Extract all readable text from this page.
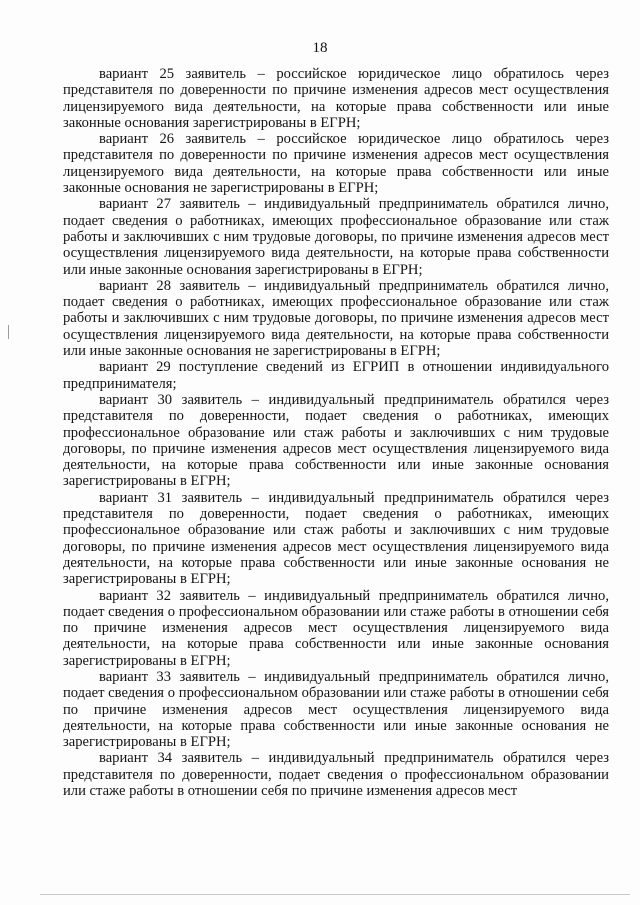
18

вариант 25 заявитель – российское юридическое лицо обратилось через представителя по доверенности по причине изменения адресов мест осуществления лицензируемого вида деятельности, на которые права собственности или иные законные основания зарегистрированы в ЕГРН;

вариант 26 заявитель – российское юридическое лицо обратилось через представителя по доверенности по причине изменения адресов мест осуществления лицензируемого вида деятельности, на которые права собственности или иные законные основания не зарегистрированы в ЕГРН;

вариант 27 заявитель – индивидуальный предприниматель обратился лично, подает сведения о работниках, имеющих профессиональное образование или стаж работы и заключивших с ним трудовые договоры, по причине изменения адресов мест осуществления лицензируемого вида деятельности, на которые права собственности или иные законные основания зарегистрированы в ЕГРН;

вариант 28 заявитель – индивидуальный предприниматель обратился лично, подает сведения о работниках, имеющих профессиональное образование или стаж работы и заключивших с ним трудовые договоры, по причине изменения адресов мест осуществления лицензируемого вида деятельности, на которые права собственности или иные законные основания не зарегистрированы в ЕГРН;

вариант 29 поступление сведений из ЕГРИП в отношении индивидуального предпринимателя;

вариант 30 заявитель – индивидуальный предприниматель обратился через представителя по доверенности, подает сведения о работниках, имеющих профессиональное образование или стаж работы и заключивших с ним трудовые договоры, по причине изменения адресов мест осуществления лицензируемого вида деятельности, на которые права собственности или иные законные основания зарегистрированы в ЕГРН;

вариант 31 заявитель – индивидуальный предприниматель обратился через представителя по доверенности, подает сведения о работниках, имеющих профессиональное образование или стаж работы и заключивших с ним трудовые договоры, по причине изменения адресов мест осуществления лицензируемого вида деятельности, на которые права собственности или иные законные основания не зарегистрированы в ЕГРН;

вариант 32 заявитель – индивидуальный предприниматель обратился лично, подает сведения о профессиональном образовании или стаже работы в отношении себя по причине изменения адресов мест осуществления лицензируемого вида деятельности, на которые права собственности или иные законные основания зарегистрированы в ЕГРН;

вариант 33 заявитель – индивидуальный предприниматель обратился лично, подает сведения о профессиональном образовании или стаже работы в отношении себя по причине изменения адресов мест осуществления лицензируемого вида деятельности, на которые права собственности или иные законные основания не зарегистрированы в ЕГРН;

вариант 34 заявитель – индивидуальный предприниматель обратился через представителя по доверенности, подает сведения о профессиональном образовании или стаже работы в отношении себя по причине изменения адресов мест
